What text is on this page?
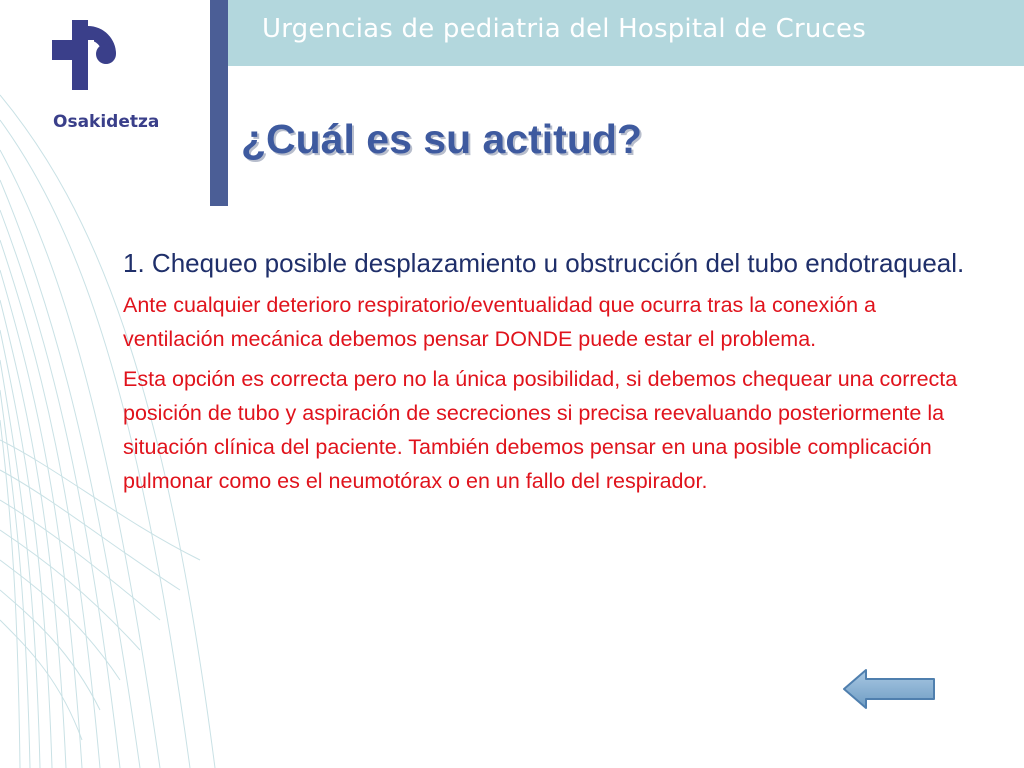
Urgencias de pediatria del Hospital de Cruces
Osakidetza ¿Cuál es su actitud?

1. Chequeo posible desplazamiento u obstrucción del tubo endotraqueal.

Ante cualquier deterioro respiratorio/eventualidad que ocurra tras la conexión a ventilación mecánica debemos pensar DONDE puede estar el problema.

Esta opción es correcta pero no la única posibilidad, si debemos chequear una correcta posición de tubo y aspiración de secreciones si precisa reevaluando posteriormente la situación clínica del paciente. También debemos pensar en una posible complicación pulmonar como es el neumotórax o en un fallo del respirador.
